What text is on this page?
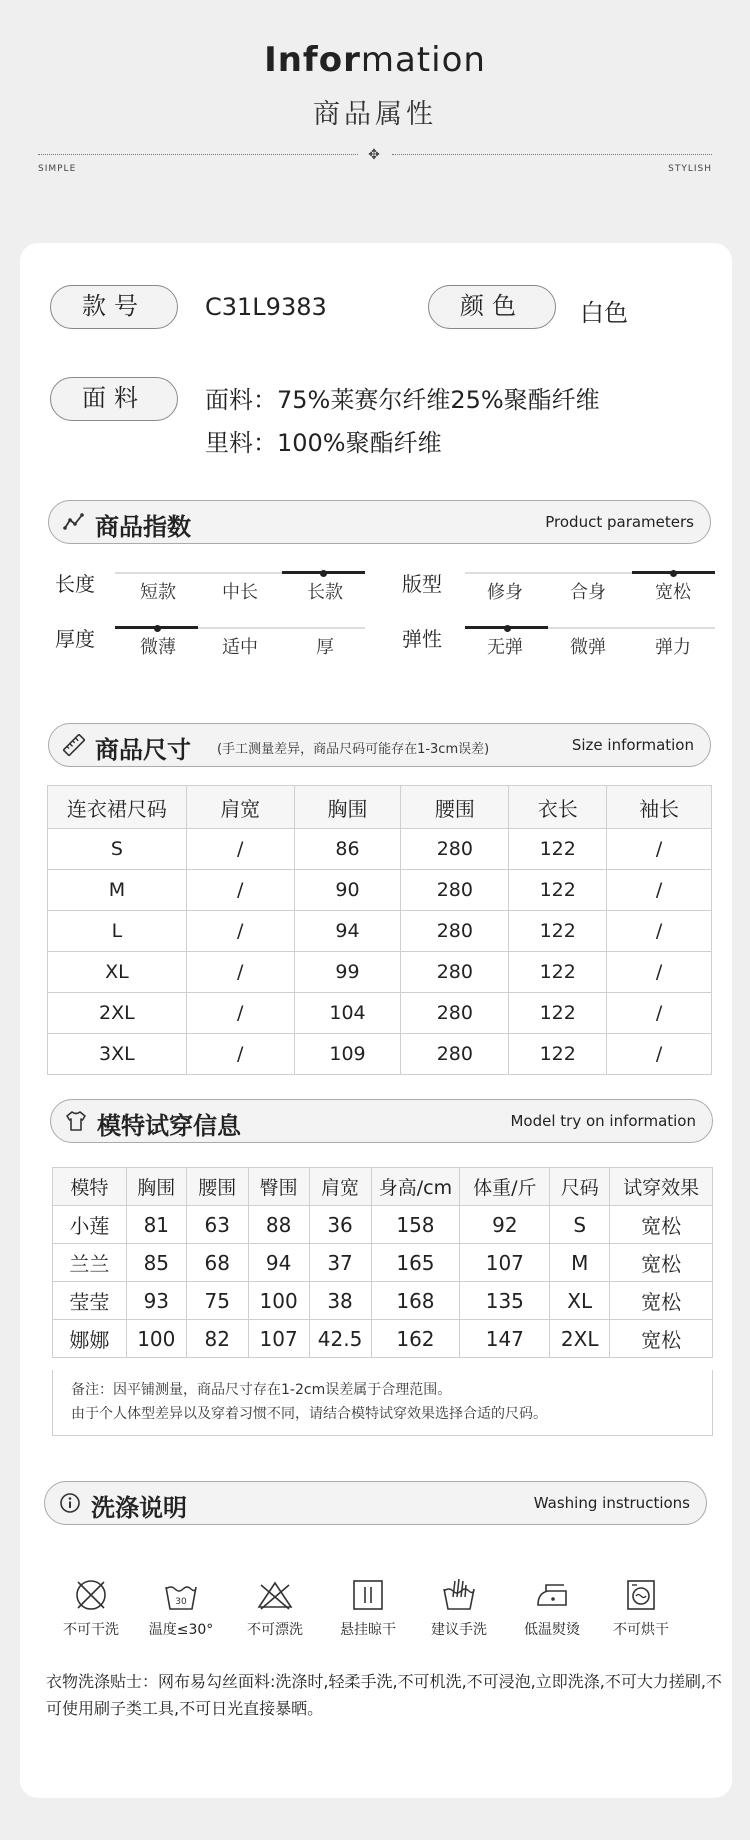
Information
商品属性
✥
SIMPLE	STYLISH
款号	C31L9383	颜色	白色
面料	面料：75%莱赛尔纤维25%聚酯纤维
里料：100%聚酯纤维
商品指数	Product parameters
长度	短款	中长	长款	版型	修身	合身	宽松
厚度	微薄	适中	厚	弹性	无弹	微弹	弹力
商品尺寸 (手工测量差异，商品尺码可能存在1-3cm误差)	Size information
连衣裙尺码	肩宽	胸围	腰围	衣长	袖长
S	/	86	280	122	/
M	/	90	280	122	/
L	/	94	280	122	/
XL	/	99	280	122	/
2XL	/	104	280	122	/
3XL	/	109	280	122	/
模特试穿信息	Model try on information
模特	胸围	腰围	臀围	肩宽	身高/cm	体重/斤	尺码	试穿效果
小莲	81	63	88	36	158	92	S	宽松
兰兰	85	68	94	37	165	107	M	宽松
莹莹	93	75	100	38	168	135	XL	宽松
娜娜	100	82	107	42.5	162	147	2XL	宽松
备注：因平铺测量，商品尺寸存在1-2cm误差属于合理范围。
由于个人体型差异以及穿着习惯不同，请结合模特试穿效果选择合适的尺码。
洗涤说明	Washing instructions
不可干洗
30
温度≤30°	不可漂洗	悬挂晾干	建议手洗	低温熨烫	不可烘干
衣物洗涤贴士：网布易勾丝面料:洗涤时,轻柔手洗,不可机洗,不可浸泡,立即洗涤,不可大力搓刷,不可使用刷子类工具,不可日光直接暴晒。
